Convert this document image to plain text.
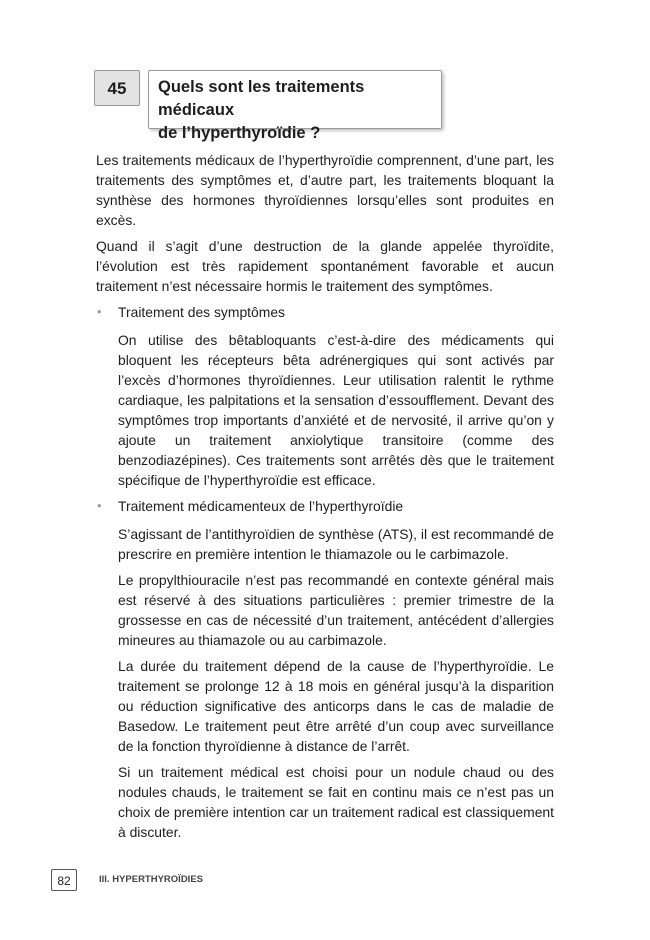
45	Quels sont les traitements médicaux

de l’hyperthyroïdie ?

Les traitements médicaux de l’hyperthyroïdie comprennent, d’une part, les traitements des symptômes et, d’autre part, les traitements bloquant la synthèse des hormones thyroïdiennes lorsqu’elles sont produites en excès.

Quand il s’agit d’une destruction de la glande appelée thyroïdite, l’évolution est très rapidement spontanément favorable et aucun traitement n’est nécessaire hormis le traitement des symptômes.

• Traitement des symptômes

On utilise des bêtabloquants c’est-à-dire des médicaments qui bloquent les récepteurs bêta adrénergiques qui sont activés par l’excès d’hormones thyroïdiennes. Leur utilisation ralentit le rythme cardiaque, les palpitations et la sensation d’essoufflement. Devant des symptômes trop importants d’anxiété et de nervosité, il arrive qu’on y ajoute un traitement anxiolytique transitoire (comme des benzodiazépines). Ces traitements sont arrêtés dès que le traitement spécifique de l’hyperthyroïdie est efficace.

• Traitement médicamenteux de l’hyperthyroïdie

S’agissant de l’antithyroïdien de synthèse (ATS), il est recommandé de prescrire en première intention le thiamazole ou le carbimazole.

Le propylthiouracile n’est pas recommandé en contexte général mais est réservé à des situations particulières : premier trimestre de la grossesse en cas de nécessité d’un traitement, antécédent d’allergies mineures au thiamazole ou au carbimazole.

La durée du traitement dépend de la cause de l’hyperthyroïdie. Le traitement se prolonge 12 à 18 mois en général jusqu’à la disparition ou réduction significative des anticorps dans le cas de maladie de Basedow. Le traitement peut être arrêté d’un coup avec surveillance de la fonction thyroïdienne à distance de l’arrêt.

Si un traitement médical est choisi pour un nodule chaud ou des nodules chauds, le traitement se fait en continu mais ce n’est pas un choix de première intention car un traitement radical est classiquement à discuter.

82	III. HYPERTHYROÏDIES
